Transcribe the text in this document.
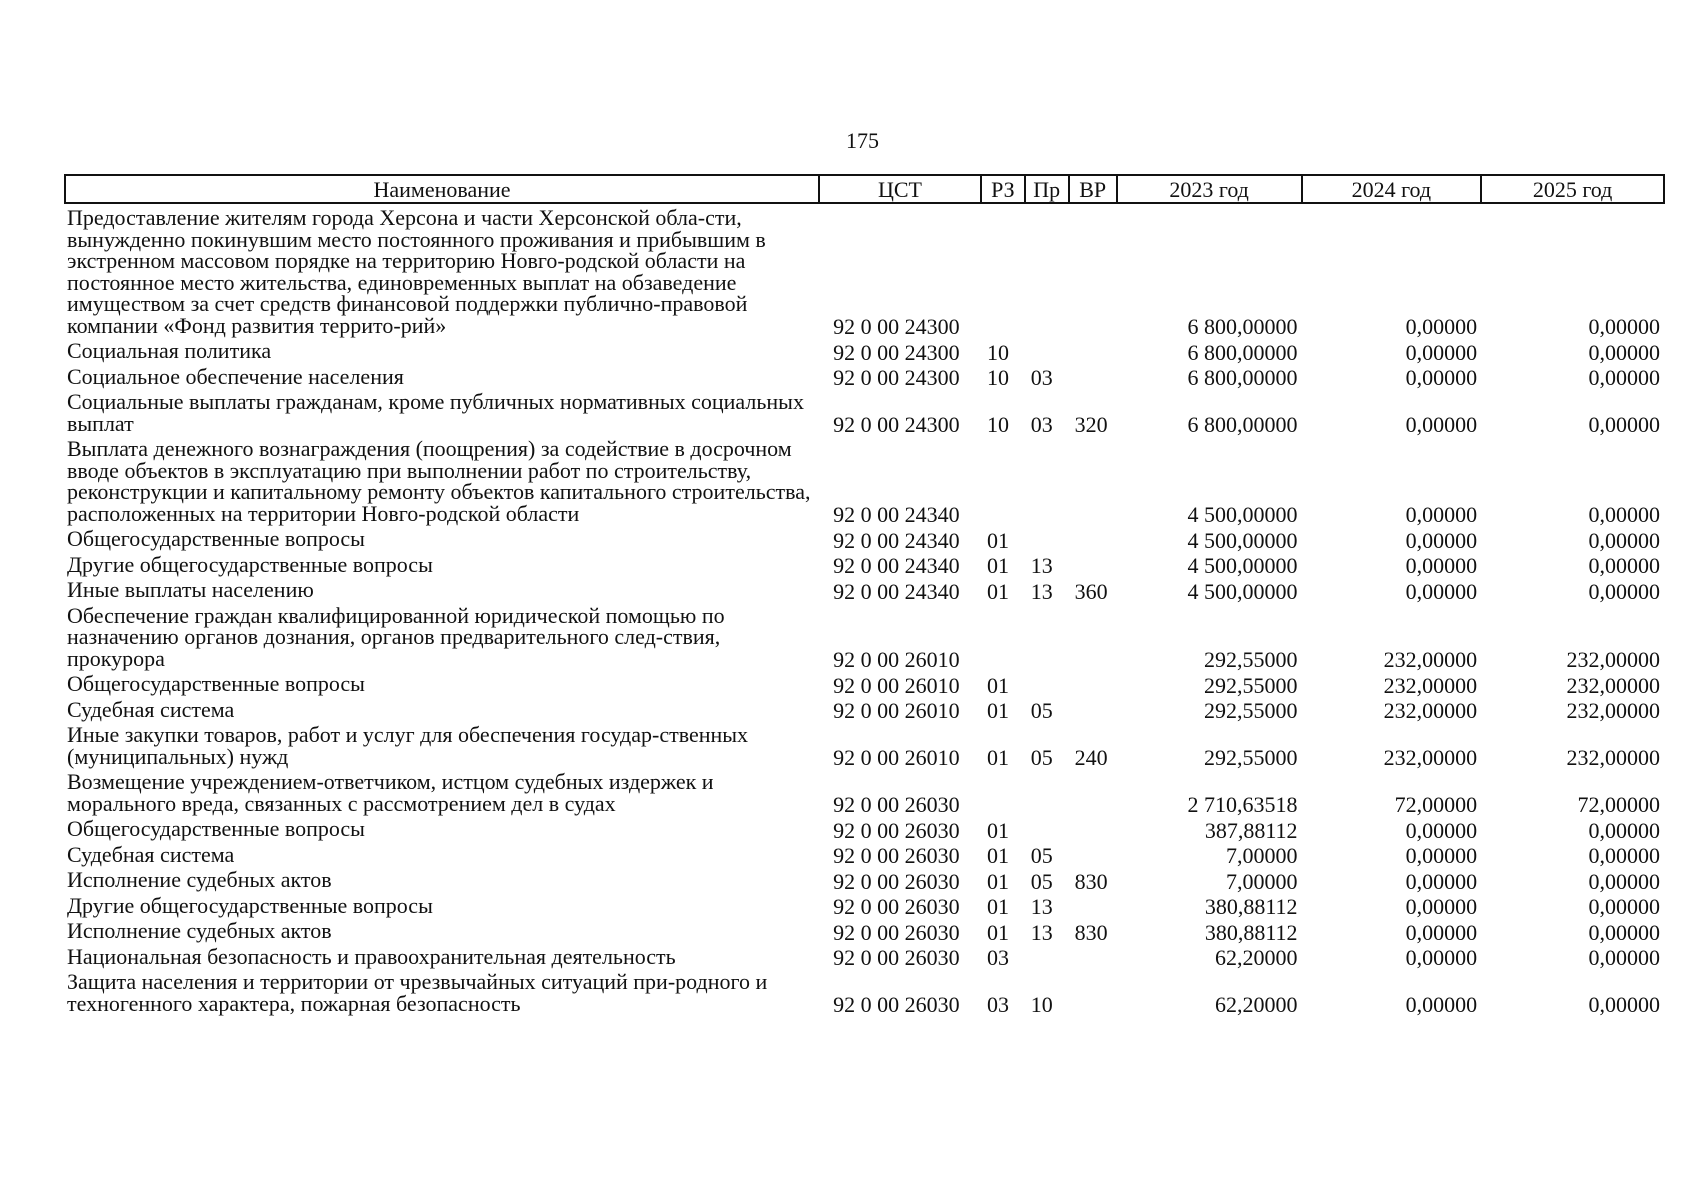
175
Наименование	ЦСТ	РЗ	Пр	ВР	2023 год	2024 год	2025 год
Предоставление жителям города Херсона и части Херсонской обла-сти, вынужденно покинувшим место постоянного проживания и прибывшим в экстренном массовом порядке на территорию Новго-родской области на постоянное место жительства, единовременных выплат на обзаведение имуществом за счет средств финансовой поддержки публично-правовой компании «Фонд развития террито-рий»	92 0 00 24300				6 800,00000	0,00000	0,00000
Социальная политика	92 0 00 24300	10			6 800,00000	0,00000	0,00000
Социальное обеспечение населения	92 0 00 24300	10	03		6 800,00000	0,00000	0,00000
Социальные выплаты гражданам, кроме публичных нормативных социальных выплат	92 0 00 24300	10	03	320	6 800,00000	0,00000	0,00000
Выплата денежного вознаграждения (поощрения) за содействие в досрочном вводе объектов в эксплуатацию при выполнении работ по строительству, реконструкции и капитальному ремонту объектов капитального строительства, расположенных на территории Новго-родской области	92 0 00 24340				4 500,00000	0,00000	0,00000
Общегосударственные вопросы	92 0 00 24340	01			4 500,00000	0,00000	0,00000
Другие общегосударственные вопросы	92 0 00 24340	01	13		4 500,00000	0,00000	0,00000
Иные выплаты населению	92 0 00 24340	01	13	360	4 500,00000	0,00000	0,00000
Обеспечение граждан квалифицированной юридической помощью по назначению органов дознания, органов предварительного след-ствия, прокурора	92 0 00 26010				292,55000	232,00000	232,00000
Общегосударственные вопросы	92 0 00 26010	01			292,55000	232,00000	232,00000
Судебная система	92 0 00 26010	01	05		292,55000	232,00000	232,00000
Иные закупки товаров, работ и услуг для обеспечения государ-ственных (муниципальных) нужд	92 0 00 26010	01	05	240	292,55000	232,00000	232,00000
Возмещение учреждением-ответчиком, истцом судебных издержек и морального вреда, связанных с рассмотрением дел в судах	92 0 00 26030				2 710,63518	72,00000	72,00000
Общегосударственные вопросы	92 0 00 26030	01			387,88112	0,00000	0,00000
Судебная система	92 0 00 26030	01	05		7,00000	0,00000	0,00000
Исполнение судебных актов	92 0 00 26030	01	05	830	7,00000	0,00000	0,00000
Другие общегосударственные вопросы	92 0 00 26030	01	13		380,88112	0,00000	0,00000
Исполнение судебных актов	92 0 00 26030	01	13	830	380,88112	0,00000	0,00000
Национальная безопасность и правоохранительная деятельность	92 0 00 26030	03			62,20000	0,00000	0,00000
Защита населения и территории от чрезвычайных ситуаций при-родного и техногенного характера, пожарная безопасность	92 0 00 26030	03	10		62,20000	0,00000	0,00000
